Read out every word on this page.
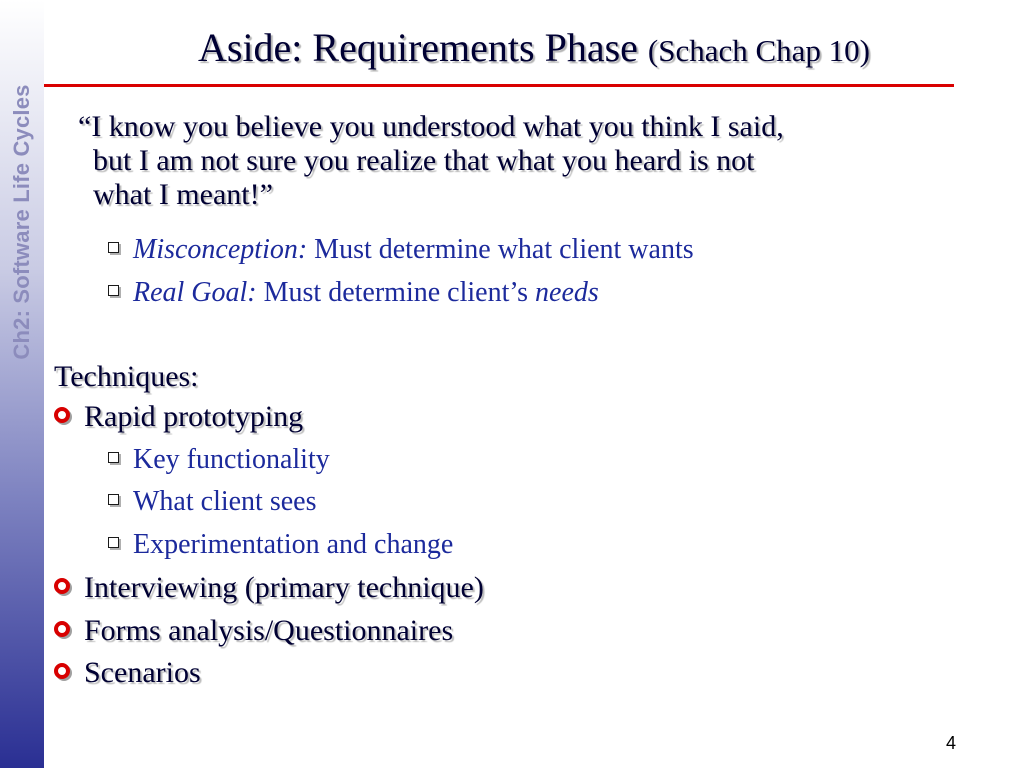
Ch2: Software Life Cycles
Aside: Requirements Phase (Schach Chap 10)
“I know you believe you understood what you think I said,
but I am not sure you realize that what you heard is not
what I meant!”
Misconception: Must determine what client wants
Real Goal: Must determine client’s needs
Techniques:
Rapid prototyping
Key functionality
What client sees
Experimentation and change
Interviewing (primary technique)
Forms analysis/Questionnaires
Scenarios
4
